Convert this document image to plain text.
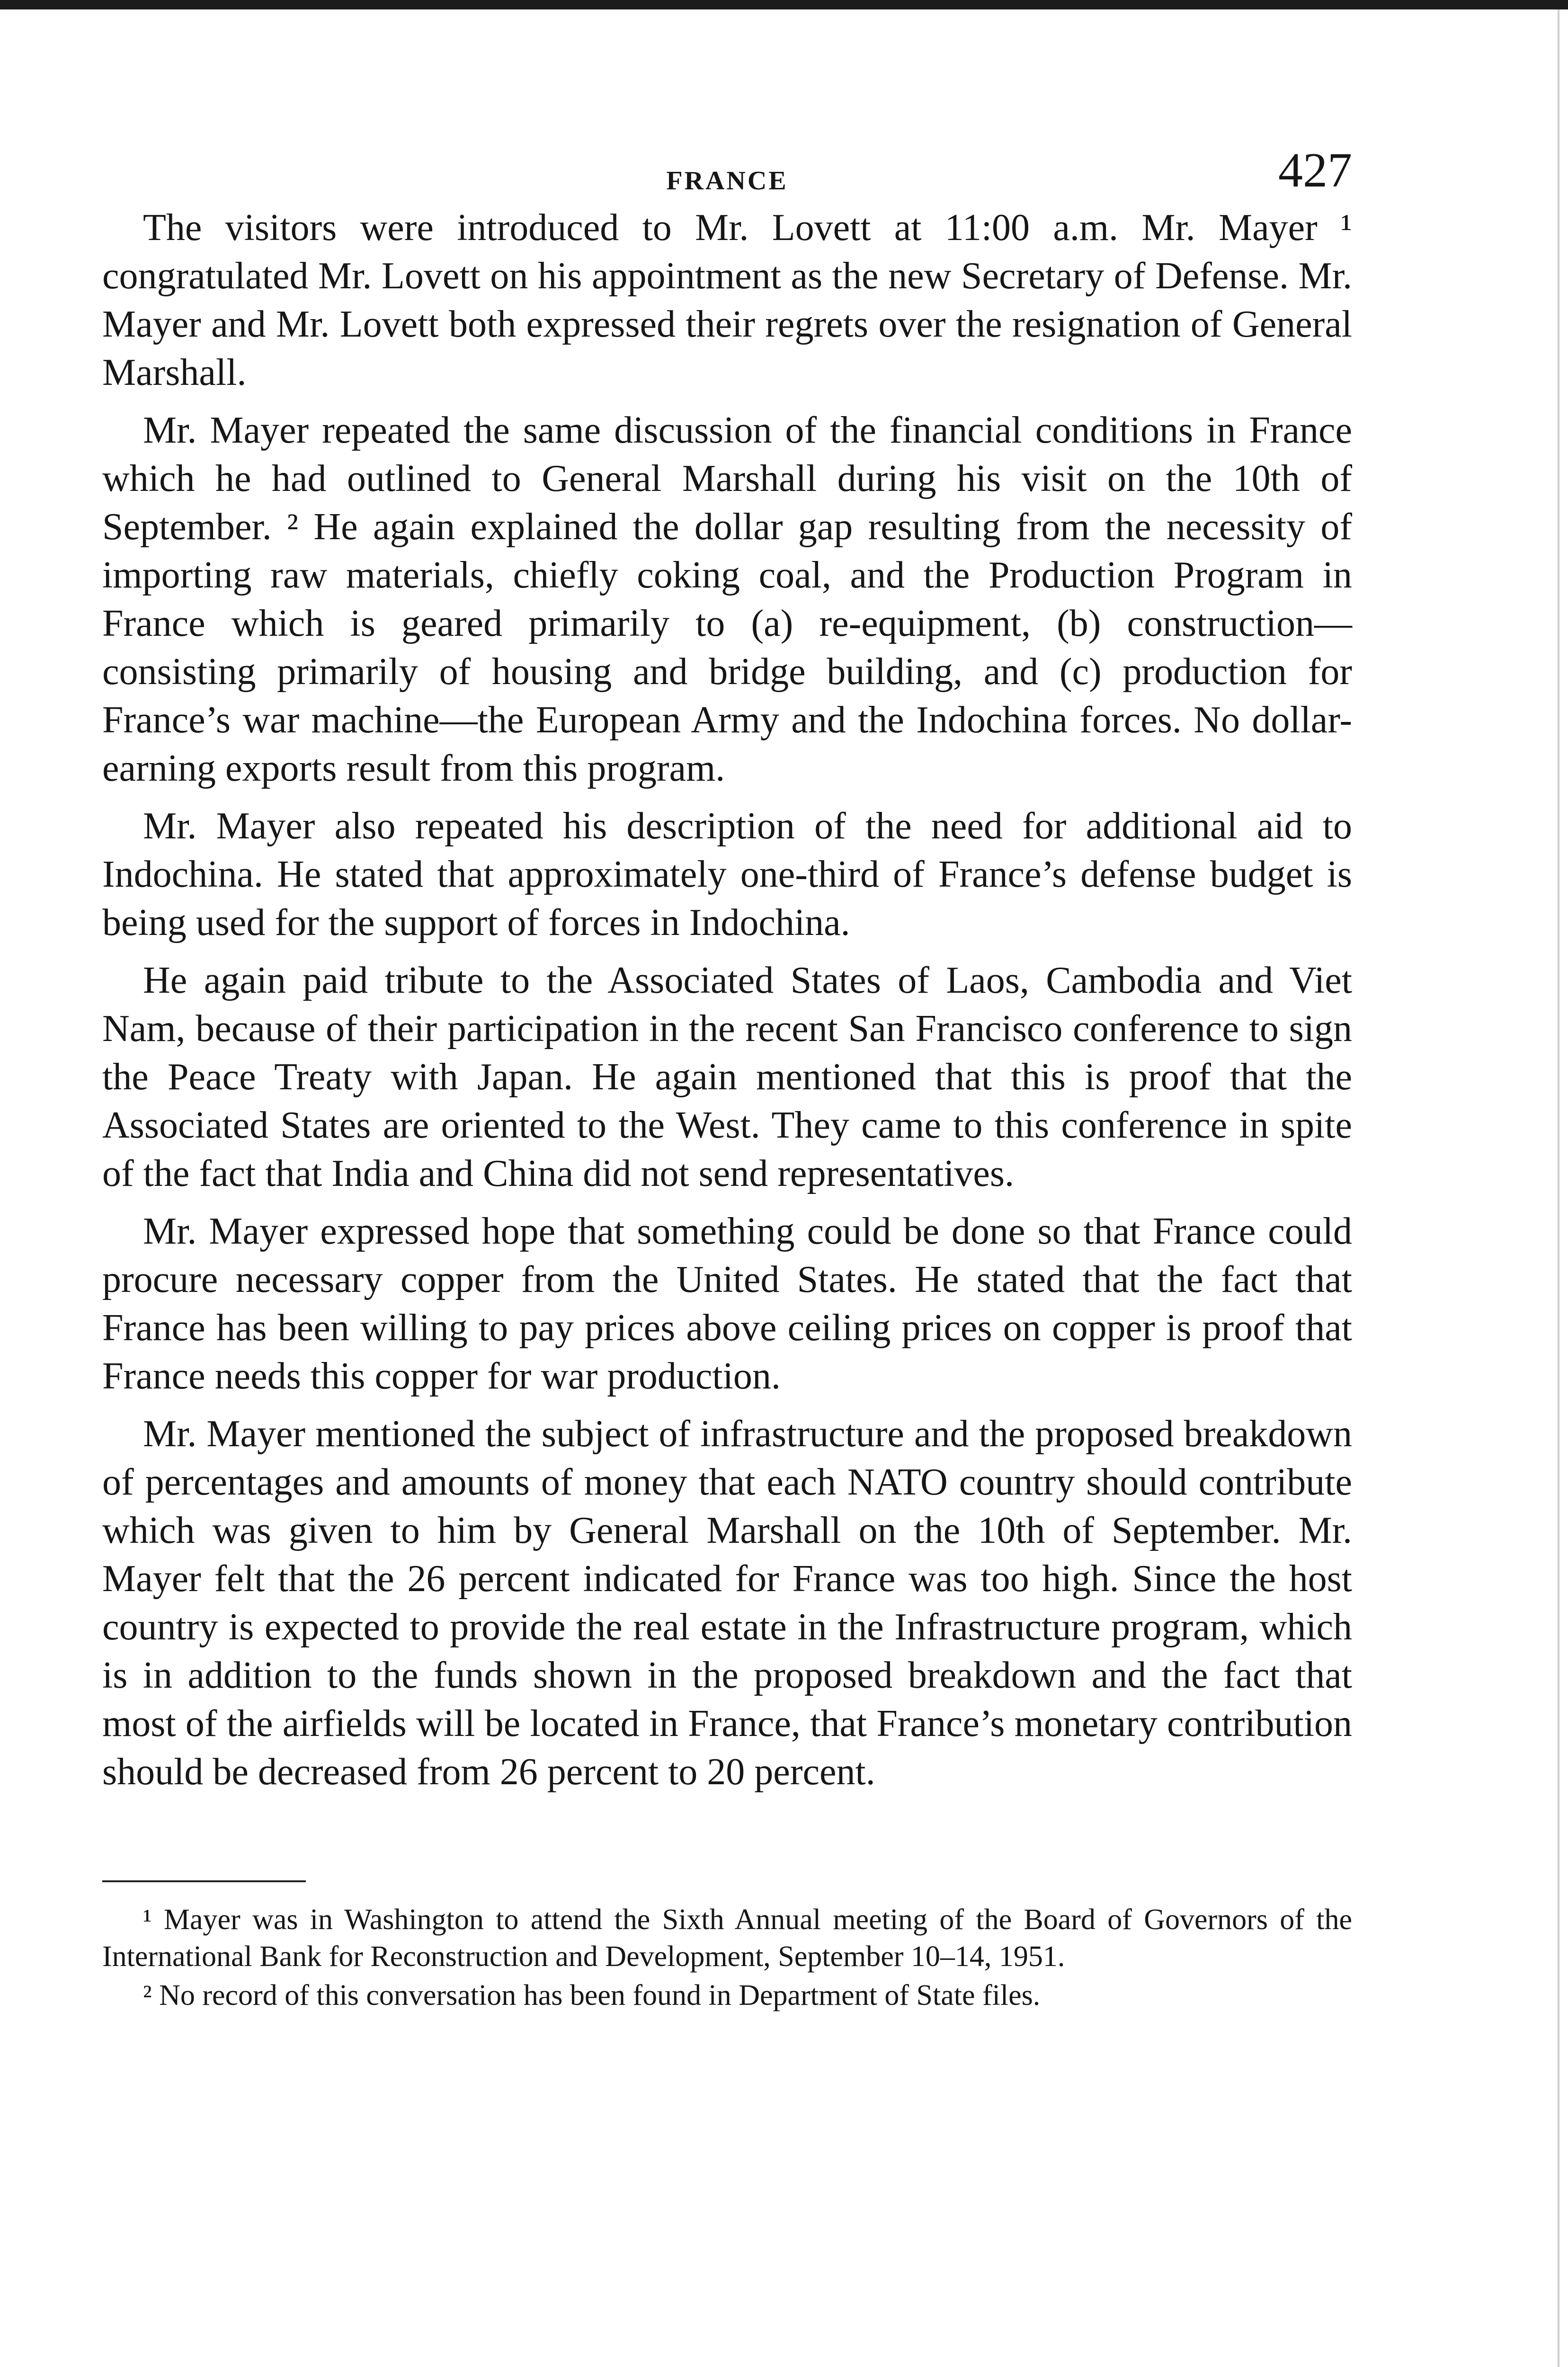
FRANCE	427

The visitors were introduced to Mr. Lovett at 11:00 a.m. Mr. Mayer ¹ congratulated Mr. Lovett on his appointment as the new Secretary of Defense. Mr. Mayer and Mr. Lovett both expressed their regrets over the resignation of General Marshall.

Mr. Mayer repeated the same discussion of the financial conditions in France which he had outlined to General Marshall during his visit on the 10th of September. ² He again explained the dollar gap resulting from the necessity of importing raw materials, chiefly coking coal, and the Production Program in France which is geared primarily to (a) re-equipment, (b) construction—consisting primarily of housing and bridge building, and (c) production for France’s war machine—the European Army and the Indochina forces. No dollar-earning exports result from this program.

Mr. Mayer also repeated his description of the need for additional aid to Indochina. He stated that approximately one-third of France’s defense budget is being used for the support of forces in Indochina.

He again paid tribute to the Associated States of Laos, Cambodia and Viet Nam, because of their participation in the recent San Francisco conference to sign the Peace Treaty with Japan. He again mentioned that this is proof that the Associated States are oriented to the West. They came to this conference in spite of the fact that India and China did not send representatives.

Mr. Mayer expressed hope that something could be done so that France could procure necessary copper from the United States. He stated that the fact that France has been willing to pay prices above ceiling prices on copper is proof that France needs this copper for war production.

Mr. Mayer mentioned the subject of infrastructure and the proposed breakdown of percentages and amounts of money that each NATO country should contribute which was given to him by General Marshall on the 10th of September. Mr. Mayer felt that the 26 percent indicated for France was too high. Since the host country is expected to provide the real estate in the Infrastructure program, which is in addition to the funds shown in the proposed breakdown and the fact that most of the airfields will be located in France, that France’s monetary contribution should be decreased from 26 percent to 20 percent.

¹ Mayer was in Washington to attend the Sixth Annual meeting of the Board of Governors of the International Bank for Reconstruction and Development, September 10–14, 1951.

² No record of this conversation has been found in Department of State files.
